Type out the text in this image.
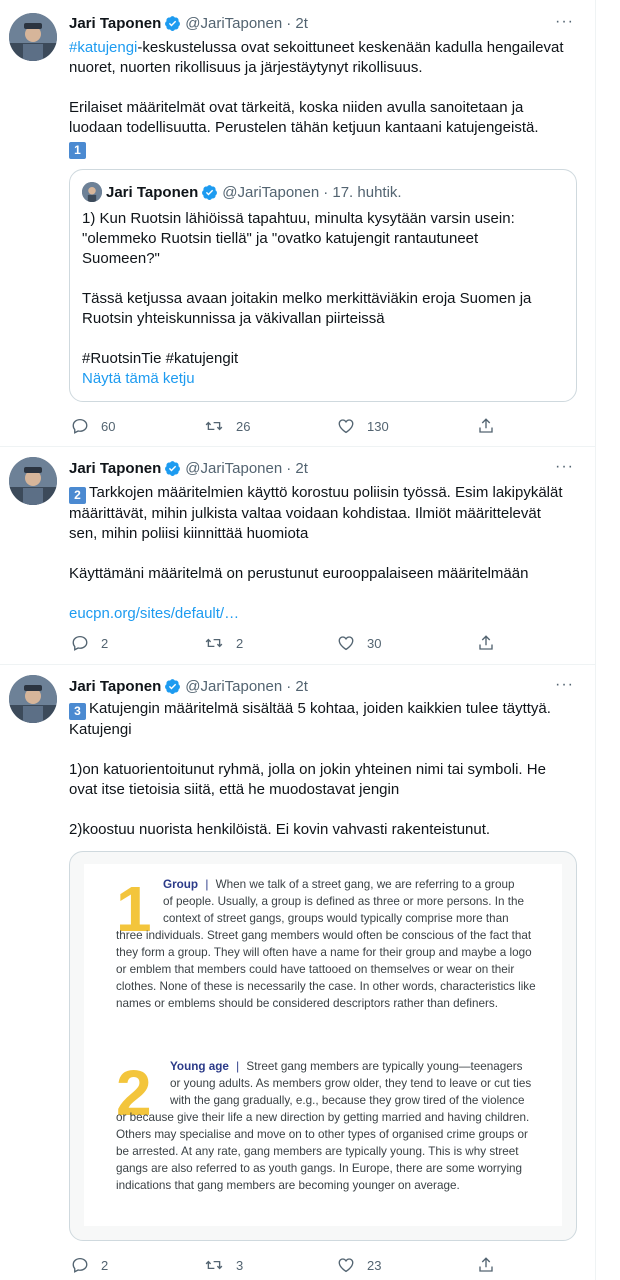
Jari Taponen @JariTaponen · 2t	···

#katujengi-keskustelussa ovat sekoittuneet keskenään kadulla hengailevat

nuoret, nuorten rikollisuus ja järjestäytynyt rikollisuus.

Erilaiset määritelmät ovat tärkeitä, koska niiden avulla sanoitetaan ja

luodaan todellisuutta. Perustelen tähän ketjuun kantaani katujengeistä.

1

Jari Taponen @JariTaponen · 17. huhtik.

1) Kun Ruotsin lähiöissä tapahtuu, minulta kysytään varsin usein:

"olemmeko Ruotsin tiellä" ja "ovatko katujengit rantautuneet

Suomeen?"

Tässä ketjussa avaan joitakin melko merkittäviäkin eroja Suomen ja

Ruotsin yhteiskunnissa ja väkivallan piirteissä

#RuotsinTie #katujengit

Näytä tämä ketju

60	26	130
Jari Taponen @JariTaponen · 2t	···

2 Tarkkojen määritelmien käyttö korostuu poliisin työssä. Esim lakipykälät

määrittävät, mihin julkista valtaa voidaan kohdistaa. Ilmiöt määrittelevät

sen, mihin poliisi kiinnittää huomiota

Käyttämäni määritelmä on perustunut eurooppalaiseen määritelmään

eucpn.org/sites/default/…

2	2	30
Jari Taponen @JariTaponen · 2t	···

3 Katujengin määritelmä sisältää 5 kohtaa, joiden kaikkien tulee täyttyä.

Katujengi

1)on katuorientoitunut ryhmä, jolla on jokin yhteinen nimi tai symboli. He

ovat itse tietoisia siitä, että he muodostavat jengin

2)koostuu nuorista henkilöistä. Ei kovin vahvasti rakenteistunut.

1 Group | When we talk of a street gang, we are referring to a group
of people. Usually, a group is defined as three or more persons. In the
context of street gangs, groups would typically comprise more than
three individuals. Street gang members would often be conscious of the fact that
they form a group. They will often have a name for their group and maybe a logo
or emblem that members could have tattooed on themselves or wear on their
clothes. None of these is necessarily the case. In other words, characteristics like
names or emblems should be considered descriptors rather than definers.
2 Young age | Street gang members are typically young—teenagers
or young adults. As members grow older, they tend to leave or cut ties
with the gang gradually, e.g., because they grow tired of the violence
or because give their life a new direction by getting married and having children.
Others may specialise and move on to other types of organised crime groups or
be arrested. At any rate, gang members are typically young. This is why street
gangs are also referred to as youth gangs. In Europe, there are some worrying
indications that gang members are becoming younger on average.
2	3	23
